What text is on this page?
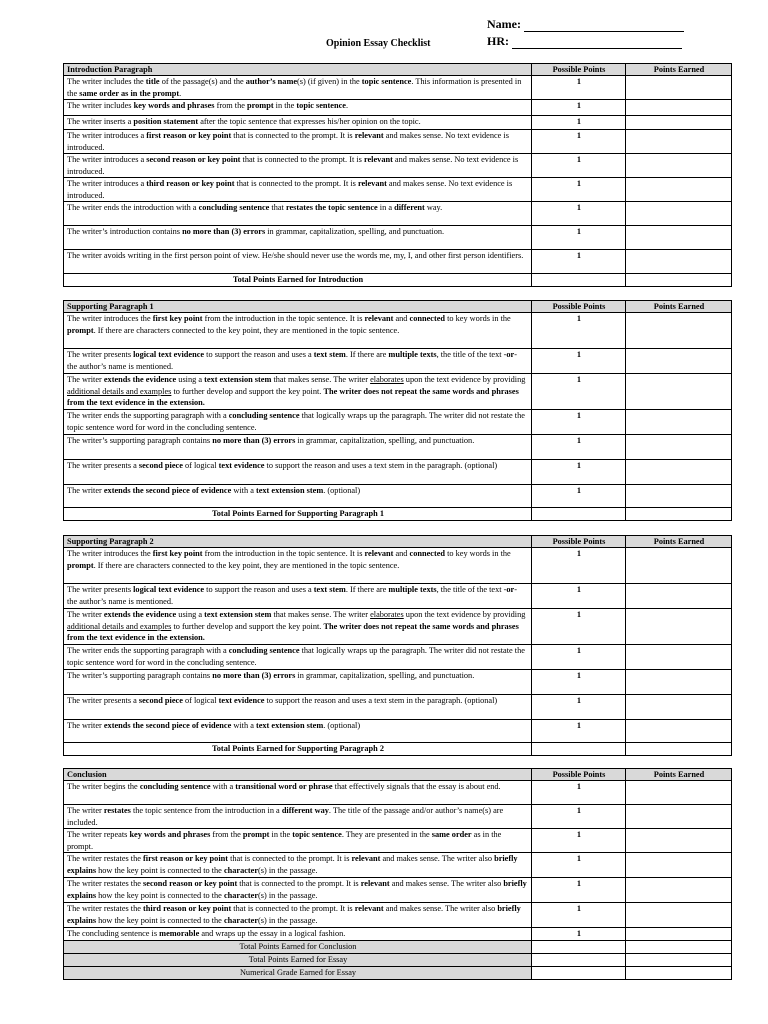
Opinion Essay Checklist
Name:
HR:
Introduction Paragraph	Possible Points	Points Earned
The writer includes the title of the passage(s) and the author’s name(s) (if given) in the topic sentence. This information is presented in the same order as in the prompt.	1	
The writer includes key words and phrases from the prompt in the topic sentence.	1	
The writer inserts a position statement after the topic sentence that expresses his/her opinion on the topic.	1	
The writer introduces a first reason or key point that is connected to the prompt. It is relevant and makes sense. No text evidence is introduced.	1	
The writer introduces a second reason or key point that is connected to the prompt. It is relevant and makes sense. No text evidence is introduced.	1	
The writer introduces a third reason or key point that is connected to the prompt. It is relevant and makes sense. No text evidence is introduced.	1	
The writer ends the introduction with a concluding sentence that restates the topic sentence in a different way.	1	
The writer’s introduction contains no more than (3) errors in grammar, capitalization, spelling, and punctuation.	1	
The writer avoids writing in the first person point of view. He/she should never use the words me, my, I, and other first person identifiers.	1	
Total Points Earned for Introduction		
Supporting Paragraph 1	Possible Points	Points Earned
The writer introduces the first key point from the introduction in the topic sentence. It is relevant and connected to key words in the prompt. If there are characters connected to the key point, they are mentioned in the topic sentence.	1	
The writer presents logical text evidence to support the reason and uses a text stem. If there are multiple texts, the title of the text -or- the author’s name is mentioned.	1	
The writer extends the evidence using a text extension stem that makes sense. The writer elaborates upon the text evidence by providing additional details and examples to further develop and support the key point. The writer does not repeat the same words and phrases from the text evidence in the extension.	1	
The writer ends the supporting paragraph with a concluding sentence that logically wraps up the paragraph. The writer did not restate the topic sentence word for word in the concluding sentence.	1	
The writer’s supporting paragraph contains no more than (3) errors in grammar, capitalization, spelling, and punctuation.	1	
The writer presents a second piece of logical text evidence to support the reason and uses a text stem in the paragraph. (optional)	1	
The writer extends the second piece of evidence with a text extension stem. (optional)	1	
Total Points Earned for Supporting Paragraph 1		
Supporting Paragraph 2	Possible Points	Points Earned
The writer introduces the first key point from the introduction in the topic sentence. It is relevant and connected to key words in the prompt. If there are characters connected to the key point, they are mentioned in the topic sentence.	1	
The writer presents logical text evidence to support the reason and uses a text stem. If there are multiple texts, the title of the text -or- the author’s name is mentioned.	1	
The writer extends the evidence using a text extension stem that makes sense. The writer elaborates upon the text evidence by providing additional details and examples to further develop and support the key point. The writer does not repeat the same words and phrases from the text evidence in the extension.	1	
The writer ends the supporting paragraph with a concluding sentence that logically wraps up the paragraph. The writer did not restate the topic sentence word for word in the concluding sentence.	1	
The writer’s supporting paragraph contains no more than (3) errors in grammar, capitalization, spelling, and punctuation.	1	
The writer presents a second piece of logical text evidence to support the reason and uses a text stem in the paragraph. (optional)	1	
The writer extends the second piece of evidence with a text extension stem. (optional)	1	
Total Points Earned for Supporting Paragraph 2		
Conclusion	Possible Points	Points Earned
The writer begins the concluding sentence with a transitional word or phrase that effectively signals that the essay is about end.	1	
The writer restates the topic sentence from the introduction in a different way. The title of the passage and/or author’s name(s) are included.	1	
The writer repeats key words and phrases from the prompt in the topic sentence. They are presented in the same order as in the prompt.	1	
The writer restates the first reason or key point that is connected to the prompt. It is relevant and makes sense. The writer also briefly explains how the key point is connected to the character(s) in the passage.	1	
The writer restates the second reason or key point that is connected to the prompt. It is relevant and makes sense. The writer also briefly explains how the key point is connected to the character(s) in the passage.	1	
The writer restates the third reason or key point that is connected to the prompt. It is relevant and makes sense. The writer also briefly explains how the key point is connected to the character(s) in the passage.	1	
The concluding sentence is memorable and wraps up the essay in a logical fashion.	1	
Total Points Earned for Conclusion		
Total Points Earned for Essay		
Numerical Grade Earned for Essay		
